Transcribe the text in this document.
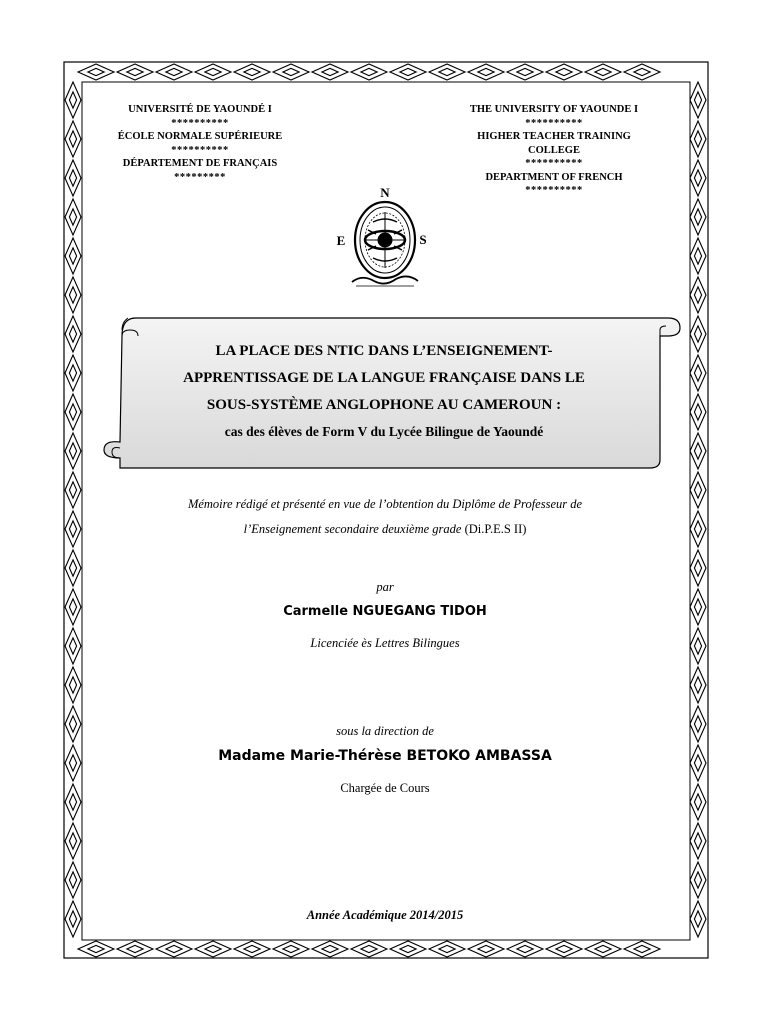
UNIVERSITÉ DE YAOUNDÉ I
**********
ÉCOLE NORMALE SUPÉRIEURE
**********
DÉPARTEMENT DE FRANÇAIS
*********
THE UNIVERSITY OF YAOUNDE I
**********
HIGHER TEACHER TRAINING
COLLEGE
**********
DEPARTMENT OF FRENCH
**********
N
E	S
LA PLACE DES NTIC DANS L’ENSEIGNEMENT-
APPRENTISSAGE DE LA LANGUE FRANÇAISE DANS LE
SOUS-SYSTÈME ANGLOPHONE AU CAMEROUN :
cas des élèves de Form V du Lycée Bilingue de Yaoundé
Mémoire rédigé et présenté en vue de l’obtention du Diplôme de Professeur de
l’Enseignement secondaire deuxième grade (Di.P.E.S II)
par
Carmelle NGUEGANG TIDOH
Licenciée ès Lettres Bilingues
sous la direction de
Madame Marie-Thérèse BETOKO AMBASSA
Chargée de Cours
Année Académique 2014/2015
